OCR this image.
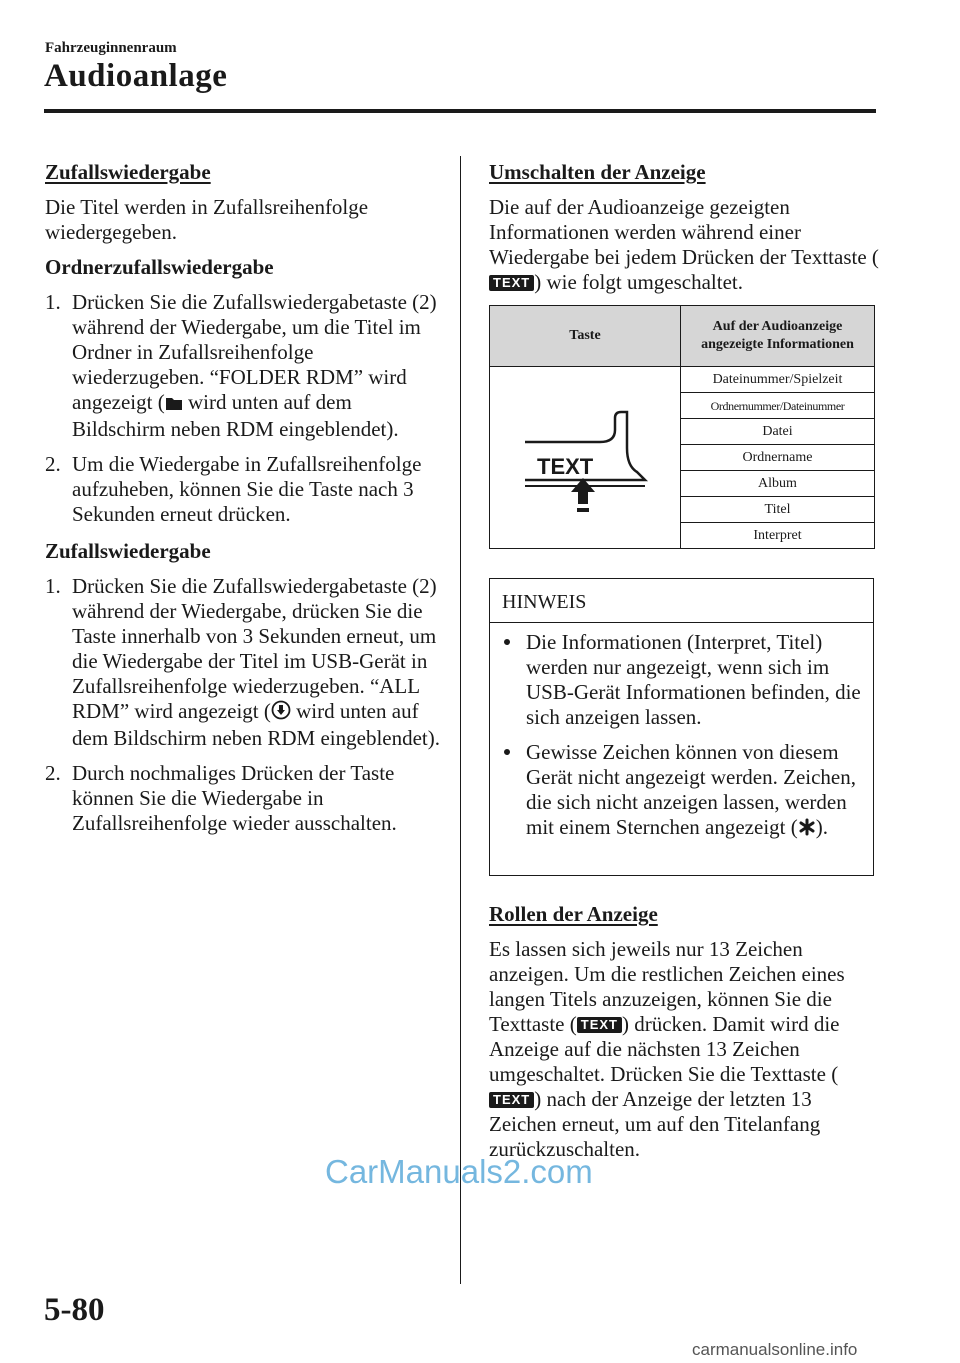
Fahrzeuginnenraum
Audioanlage

Zufallswiedergabe

Die Titel werden in Zufallsreihenfolge wiedergegeben.

Ordnerzufallswiedergabe

1. Drücken Sie die Zufallswiedergabetaste (2) während der Wiedergabe, um die Titel im Ordner in Zufallsreihenfolge wiederzugeben. “FOLDER RDM” wird angezeigt ( wird unten auf dem Bildschirm neben RDM eingeblendet).
2. Um die Wiedergabe in Zufallsreihenfolge aufzuheben, können Sie die Taste nach 3 Sekunden erneut drücken.

Zufallswiedergabe

1. Drücken Sie die Zufallswiedergabetaste (2) während der Wiedergabe, drücken Sie die Taste innerhalb von 3 Sekunden erneut, um die Wiedergabe der Titel im USB-Gerät in Zufallsreihenfolge wiederzugeben. “ALL RDM” wird angezeigt ( wird unten auf dem Bildschirm neben RDM eingeblendet).
2. Durch nochmaliges Drücken der Taste können Sie die Wiedergabe in Zufallsreihenfolge wieder ausschalten.

Umschalten der Anzeige

Die auf der Audioanzeige gezeigten Informationen werden während einer Wiedergabe bei jedem Drücken der Texttaste (TEXT ) wie folgt umgeschaltet.

Taste	Auf der Audioanzeige angezeigte Informationen

TEXT	Dateinummer/Spielzeit
	Ordnernummer/Dateinummer
	Datei
	Ordnername
	Album
	Titel
	Interpret
HINWEIS
Die Informationen (Interpret, Titel) werden nur angezeigt, wenn sich im USB-Gerät Informationen befinden, die sich anzeigen lassen.
Gewisse Zeichen können von diesem Gerät nicht angezeigt werden. Zeichen, die sich nicht anzeigen lassen, werden mit einem Sternchen angezeigt ( ).

Rollen der Anzeige

Es lassen sich jeweils nur 13 Zeichen anzeigen. Um die restlichen Zeichen eines langen Titels anzuzeigen, können Sie die Texttaste ( TEXT ) drücken. Damit wird die Anzeige auf die nächsten 13 Zeichen umgeschaltet. Drücken Sie die Texttaste (TEXT ) nach der Anzeige der letzten 13 Zeichen erneut, um auf den Titelanfang zurückzuschalten.

CarManuals2.com
5-80
carmanualsonline.info
